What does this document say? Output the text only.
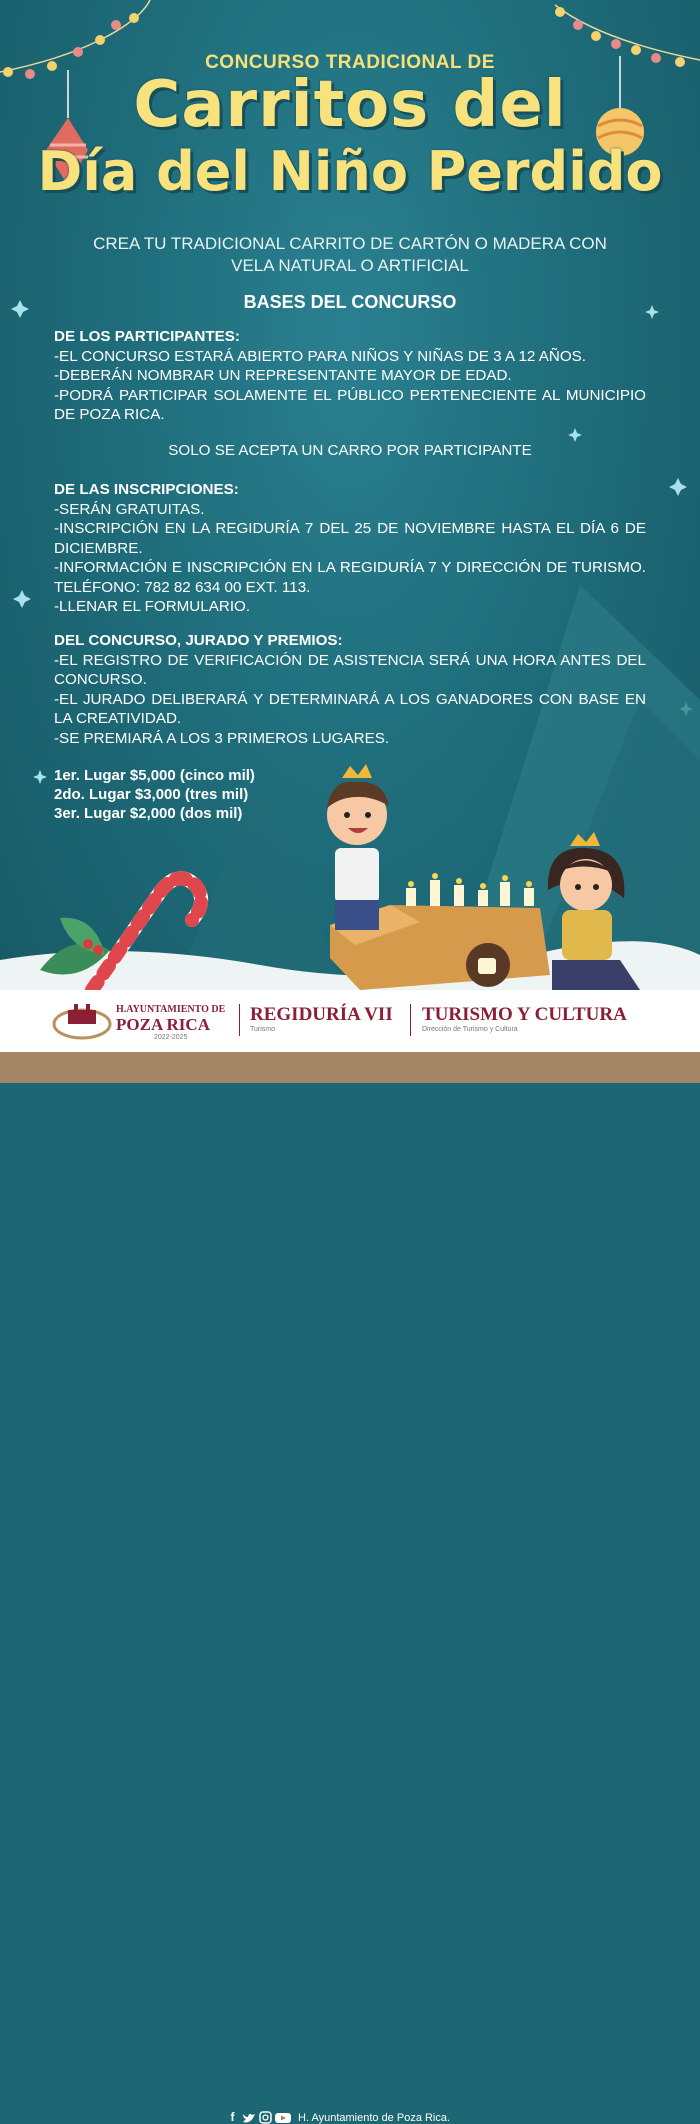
CONCURSO TRADICIONAL DE
Carritos del
Día del Niño Perdido
CREA TU TRADICIONAL CARRITO DE CARTÓN O MADERA CON
VELA NATURAL O ARTIFICIAL
BASES DEL CONCURSO
DE LOS PARTICIPANTES:
-EL CONCURSO ESTARÁ ABIERTO PARA NIÑOS Y NIÑAS DE 3 A 12 AÑOS.
-DEBERÁN NOMBRAR UN REPRESENTANTE MAYOR DE EDAD.
-PODRÁ PARTICIPAR SOLAMENTE EL PÚBLICO PERTENECIENTE AL MUNICIPIO DE POZA RICA.
SOLO SE ACEPTA UN CARRO POR PARTICIPANTE
DE LAS INSCRIPCIONES:
-SERÁN GRATUITAS.
-INSCRIPCIÓN EN LA REGIDURÍA 7 DEL 25 DE NOVIEMBRE HASTA EL DÍA 6 DE DICIEMBRE.
-INFORMACIÓN E INSCRIPCIÓN EN LA REGIDURÍA 7 Y DIRECCIÓN DE TURISMO. TELÉFONO: 782 82 634 00 EXT. 113.
-LLENAR EL FORMULARIO.
DEL CONCURSO, JURADO Y PREMIOS:
-EL REGISTRO DE VERIFICACIÓN DE ASISTENCIA SERÁ UNA HORA ANTES DEL CONCURSO.
-EL JURADO DELIBERARÁ Y DETERMINARÁ A LOS GANADORES CON BASE EN LA CREATIVIDAD.
-SE PREMIARÁ A LOS 3 PRIMEROS LUGARES.
1er. Lugar $5,000 (cinco mil)
2do. Lugar $3,000 (tres mil)
3er. Lugar $2,000 (dos mil)
H.AYUNTAMIENTO DE
POZA RICA
2022-2025
REGIDURÍA VII
Turismo
TURISMO Y CULTURA
Dirección de Turismo y Cultura
f	H. Ayuntamiento de Poza Rica.
